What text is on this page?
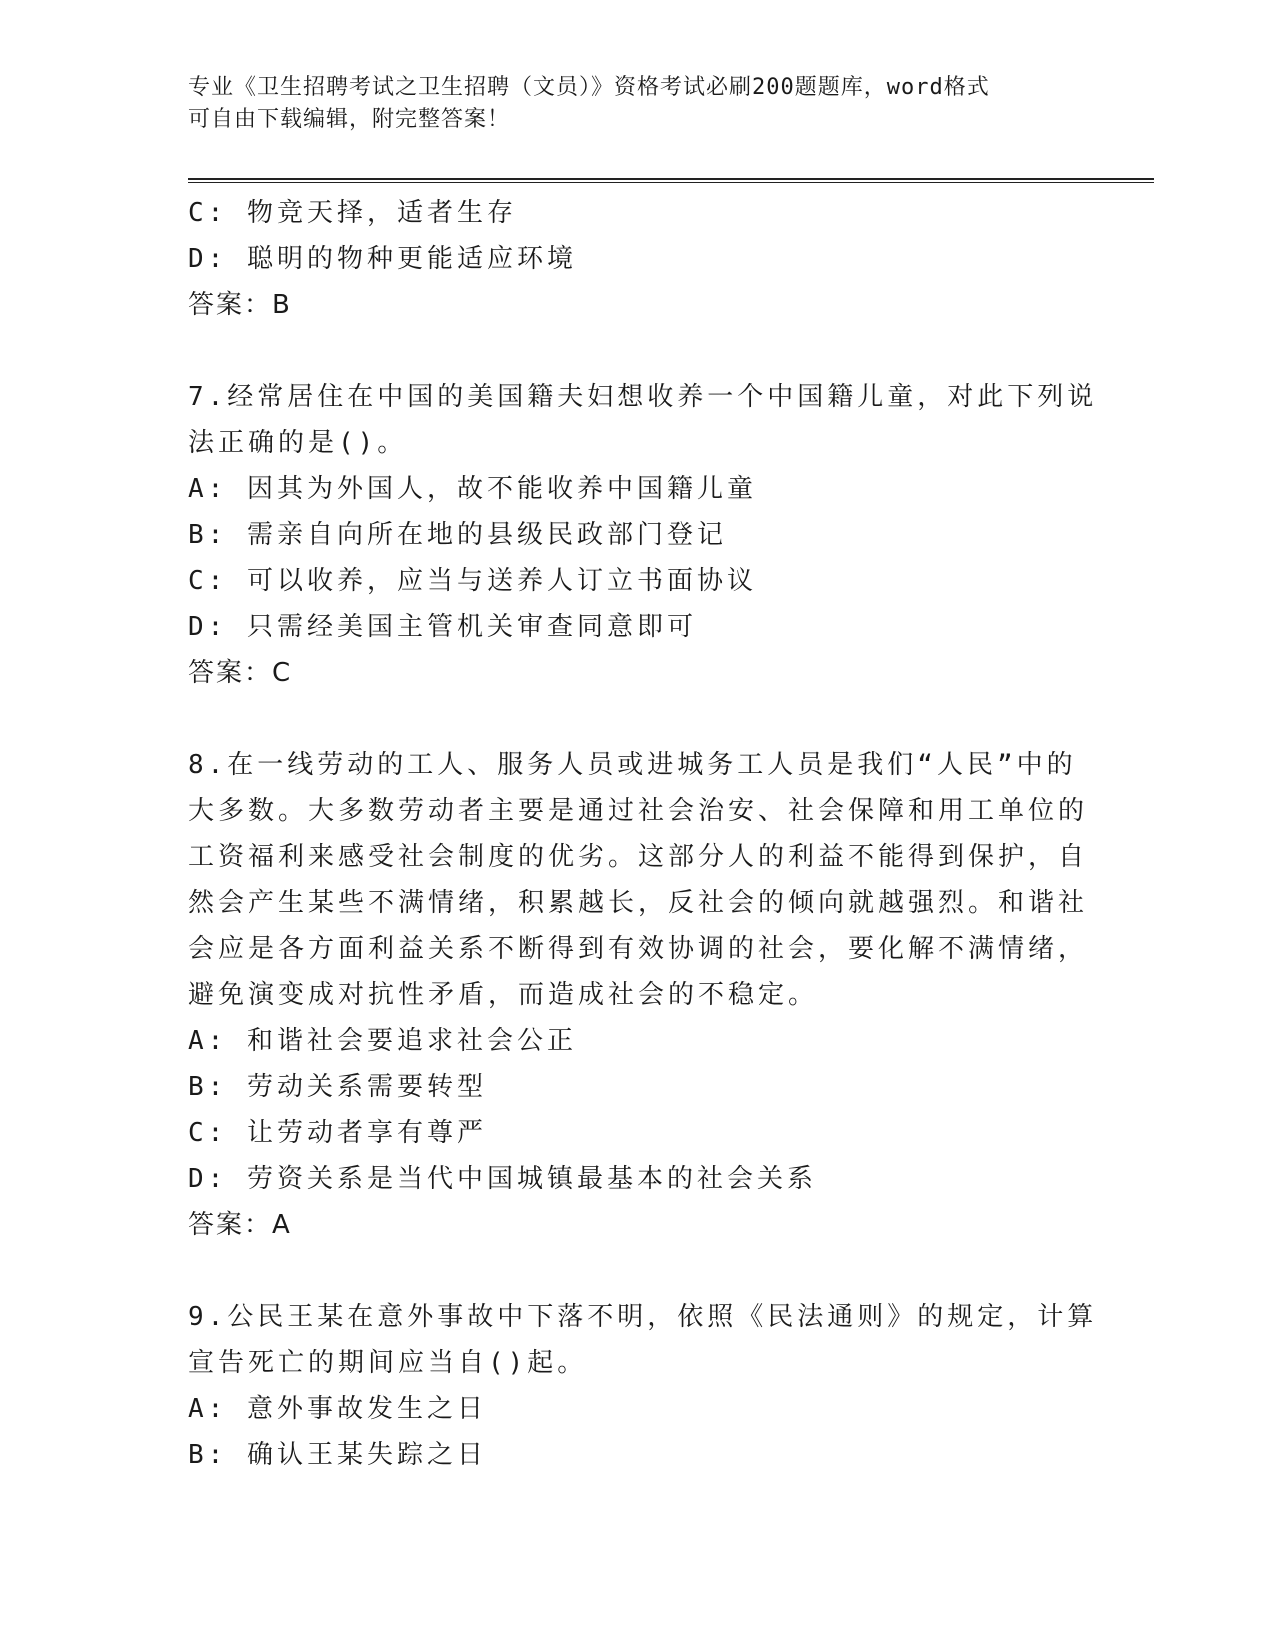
专业《卫生招聘考试之卫生招聘（文员）》资格考试必刷200题题库，word格式
可自由下载编辑，附完整答案！
C: 物竞天择，适者生存
D: 聪明的物种更能适应环境
答案：B
7.经常居住在中国的美国籍夫妇想收养一个中国籍儿童，对此下列说
法正确的是()。
A: 因其为外国人，故不能收养中国籍儿童
B: 需亲自向所在地的县级民政部门登记
C: 可以收养，应当与送养人订立书面协议
D: 只需经美国主管机关审查同意即可
答案：C
8.在一线劳动的工人、服务人员或进城务工人员是我们“人民”中的
大多数。大多数劳动者主要是通过社会治安、社会保障和用工单位的
工资福利来感受社会制度的优劣。这部分人的利益不能得到保护，自
然会产生某些不满情绪，积累越长，反社会的倾向就越强烈。和谐社
会应是各方面利益关系不断得到有效协调的社会，要化解不满情绪，
避免演变成对抗性矛盾，而造成社会的不稳定。
A: 和谐社会要追求社会公正
B: 劳动关系需要转型
C: 让劳动者享有尊严
D: 劳资关系是当代中国城镇最基本的社会关系
答案：A
9.公民王某在意外事故中下落不明，依照《民法通则》的规定，计算
宣告死亡的期间应当自()起。
A: 意外事故发生之日
B: 确认王某失踪之日
